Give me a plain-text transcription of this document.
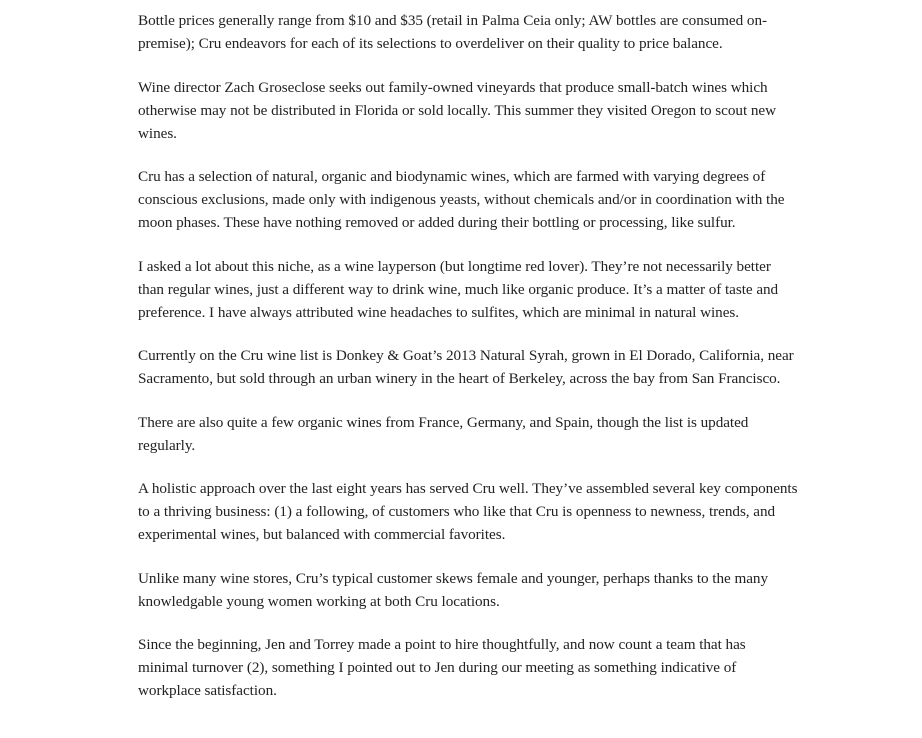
Bottle prices generally range from $10 and $35 (retail in Palma Ceia only; AW bottles are consumed on-premise); Cru endeavors for each of its selections to overdeliver on their quality to price balance.

Wine director Zach Groseclose seeks out family-owned vineyards that produce small-batch wines which otherwise may not be distributed in Florida or sold locally. This summer they visited Oregon to scout new wines.

Cru has a selection of natural, organic and biodynamic wines, which are farmed with varying degrees of conscious exclusions, made only with indigenous yeasts, without chemicals and/or in coordination with the moon phases. These have nothing removed or added during their bottling or processing, like sulfur.

I asked a lot about this niche, as a wine layperson (but longtime red lover). They’re not necessarily better than regular wines, just a different way to drink wine, much like organic produce. It’s a matter of taste and preference. I have always attributed wine headaches to sulfites, which are minimal in natural wines.

Currently on the Cru wine list is Donkey & Goat’s 2013 Natural Syrah, grown in El Dorado, California, near Sacramento, but sold through an urban winery in the heart of Berkeley, across the bay from San Francisco.

There are also quite a few organic wines from France, Germany, and Spain, though the list is updated regularly.

A holistic approach over the last eight years has served Cru well. They’ve assembled several key components to a thriving business: (1) a following, of customers who like that Cru is openness to newness, trends, and experimental wines, but balanced with commercial favorites.

Unlike many wine stores, Cru’s typical customer skews female and younger, perhaps thanks to the many knowledgable young women working at both Cru locations.

Since the beginning, Jen and Torrey made a point to hire thoughtfully, and now count a team that has minimal turnover (2), something I pointed out to Jen during our meeting as something indicative of workplace satisfaction.
